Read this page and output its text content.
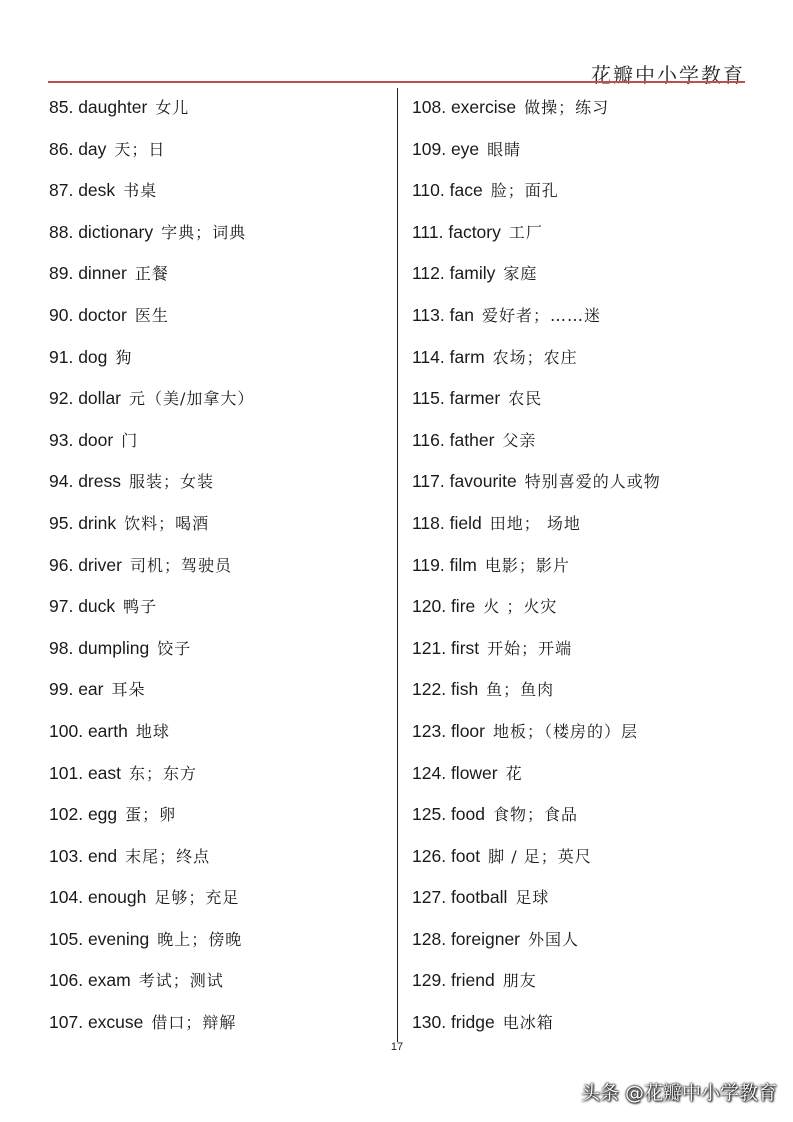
花瓣中小学教育
85. daughter 女儿
86. day 天；日
87. desk 书桌
88. dictionary 字典；词典
89. dinner 正餐
90. doctor 医生
91. dog 狗
92. dollar 元（美/加拿大）
93. door 门
94. dress 服装；女装
95. drink 饮料；喝酒
96. driver 司机；驾驶员
97. duck 鸭子
98. dumpling 饺子
99. ear 耳朵
100. earth 地球
101. east 东；东方
102. egg 蛋；卵
103. end 末尾；终点
104. enough 足够；充足
105. evening 晚上；傍晚
106. exam 考试；测试
107. excuse 借口；辩解
108. exercise 做操；练习
109. eye 眼睛
110. face 脸；面孔
111. factory 工厂
112. family 家庭
113. fan 爱好者；……迷
114. farm 农场；农庄
115. farmer 农民
116. father 父亲
117. favourite 特别喜爱的人或物
118. field 田地； 场地
119. film 电影；影片
120. fire 火 ；火灾
121. first 开始；开端
122. fish 鱼；鱼肉
123. floor 地板；（楼房的）层
124. flower 花
125. food 食物；食品
126. foot 脚 / 足；英尺
127. football 足球
128. foreigner 外国人
129. friend 朋友
130. fridge 电冰箱
17
头条 @花瓣中小学教育
